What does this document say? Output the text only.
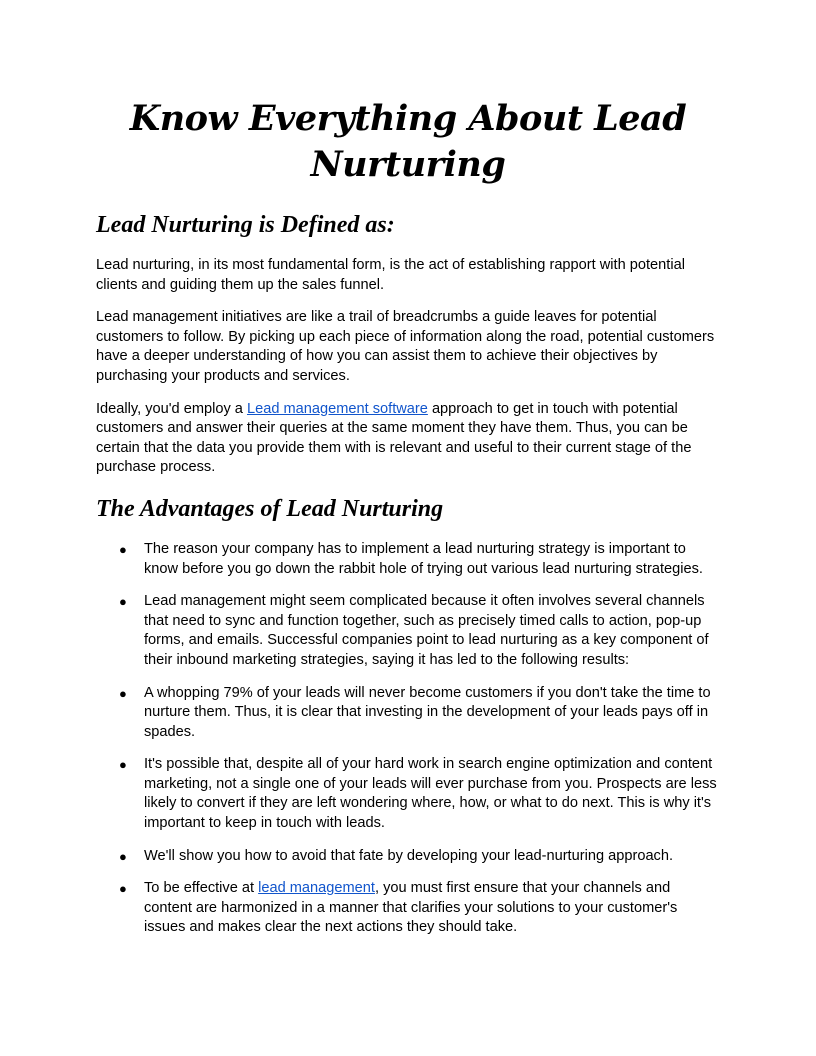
Know Everything About Lead Nurturing
Lead Nurturing is Defined as:

Lead nurturing, in its most fundamental form, is the act of establishing rapport with potential clients and guiding them up the sales funnel.

Lead management initiatives are like a trail of breadcrumbs a guide leaves for potential customers to follow. By picking up each piece of information along the road, potential customers have a deeper understanding of how you can assist them to achieve their objectives by purchasing your products and services.

Ideally, you'd employ a Lead management software approach to get in touch with potential customers and answer their queries at the same moment they have them. Thus, you can be certain that the data you provide them with is relevant and useful to their current stage of the purchase process.

The Advantages of Lead Nurturing
● The reason your company has to implement a lead nurturing strategy is important to know before you go down the rabbit hole of trying out various lead nurturing strategies.
● Lead management might seem complicated because it often involves several channels that need to sync and function together, such as precisely timed calls to action, pop-up forms, and emails. Successful companies point to lead nurturing as a key component of their inbound marketing strategies, saying it has led to the following results:
● A whopping 79% of your leads will never become customers if you don't take the time to nurture them. Thus, it is clear that investing in the development of your leads pays off in spades.
● It's possible that, despite all of your hard work in search engine optimization and content marketing, not a single one of your leads will ever purchase from you. Prospects are less likely to convert if they are left wondering where, how, or what to do next. This is why it's important to keep in touch with leads.
● We'll show you how to avoid that fate by developing your lead-nurturing approach.
● To be effective at lead management, you must first ensure that your channels and content are harmonized in a manner that clarifies your solutions to your customer's issues and makes clear the next actions they should take.
